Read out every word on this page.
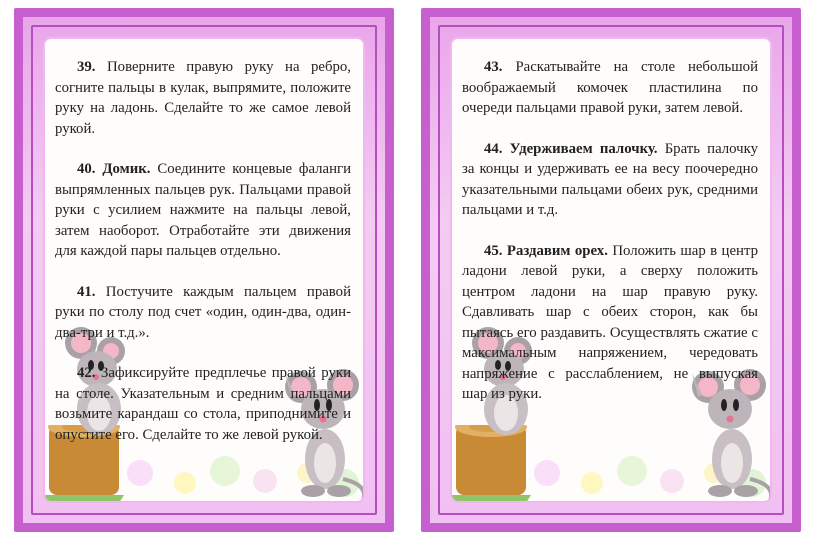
39. Поверните правую руку на ребро, согните пальцы в кулак, выпрямите, положите руку на ладонь. Сделайте то же самое левой рукой.

40. Домик. Соедините концевые фаланги выпрямленных пальцев рук. Пальцами правой руки с усилием нажмите на пальцы левой, затем наоборот. Отработайте эти движения для каждой пары пальцев отдельно.

41. Постучите каждым пальцем правой руки по столу под счет «один, один-два, один-два-три и т.д.».

42. Зафиксируйте предплечье правой руки на столе. Указательным и средним пальцами возьмите карандаш со стола, приподнимите и опустите его. Сделайте то же левой рукой.

43. Раскатывайте на столе небольшой воображаемый комочек пластилина по очереди пальцами правой руки, затем левой.

44. Удерживаем палочку. Брать палочку за концы и удерживать ее на весу поочередно указательными пальцами обеих рук, средними пальцами и т.д.

45. Раздавим орех. Положить шар в центр ладони левой руки, а сверху положить центром ладони на шар правую руку. Сдавливать шар с обеих сторон, как бы пытаясь его раздавить. Осуществлять сжатие с максимальным напряжением, чередовать напряжение с расслаблением, не выпуская шар из руки.
